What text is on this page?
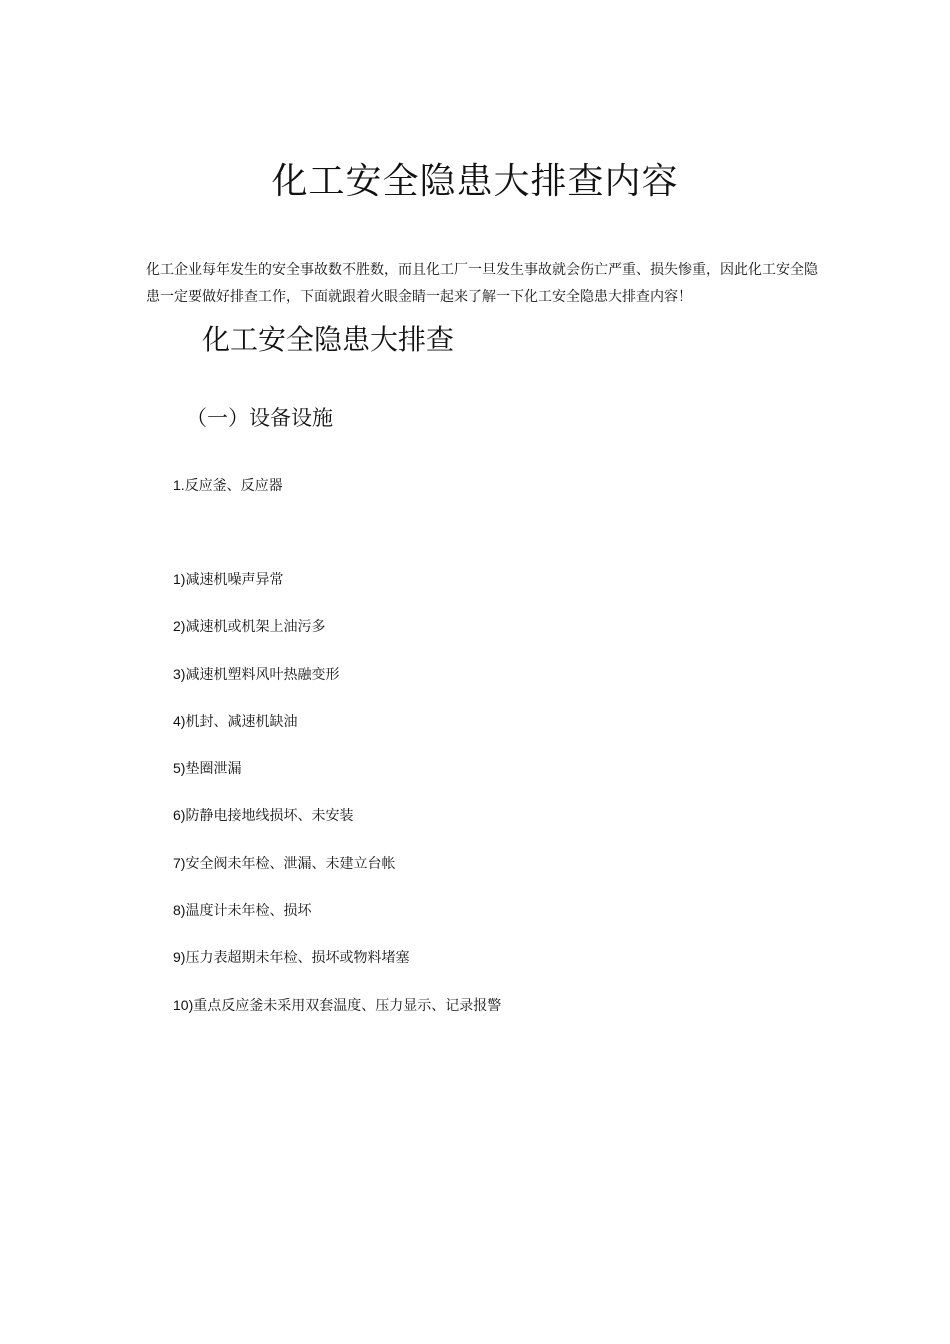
化工安全隐患大排查内容
化工企业每年发生的安全事故数不胜数，而且化工厂一旦发生事故就会伤亡严重、损失惨重，因此化工安全隐患一定要做好排查工作，下面就跟着火眼金睛一起来了解一下化工安全隐患大排查内容！
化工安全隐患大排查
（一）设备设施
1.反应釜、反应器
1)减速机噪声异常
2)减速机或机架上油污多
3)减速机塑料风叶热融变形
4)机封、减速机缺油
5)垫圈泄漏
6)防静电接地线损坏、未安装
7)安全阀未年检、泄漏、未建立台帐
8)温度计未年检、损坏
9)压力表超期未年检、损坏或物料堵塞
10)重点反应釜未采用双套温度、压力显示、记录报警
